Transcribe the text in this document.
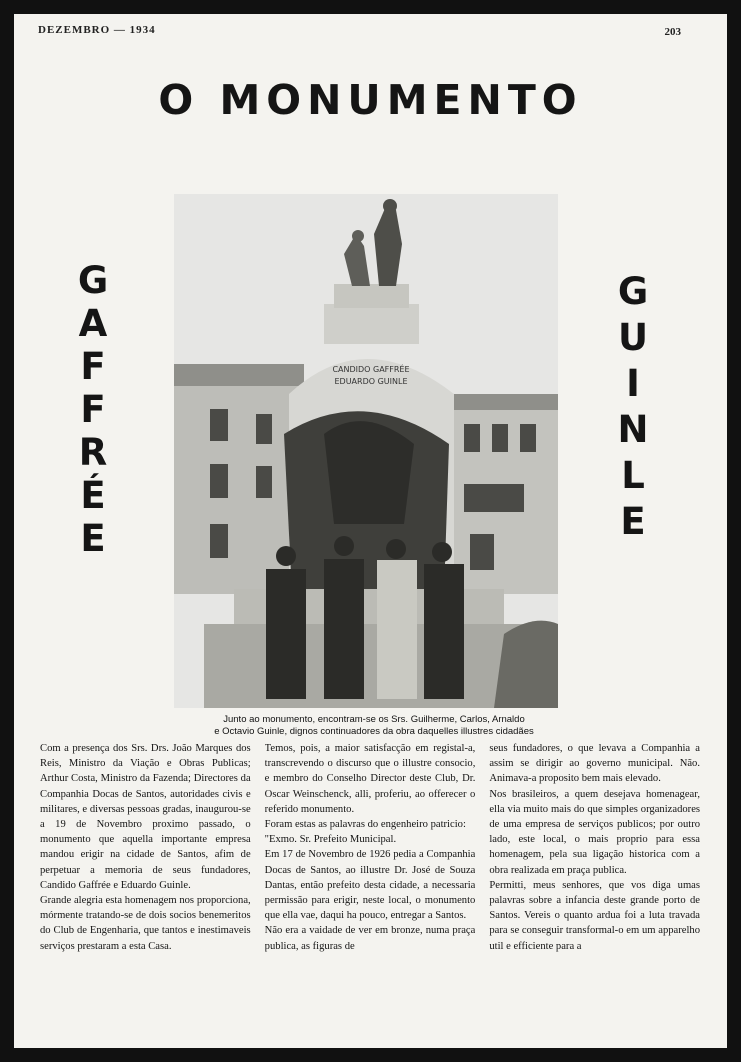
DEZEMBRO — 1934	203
O MONUMENTO
G
A
F
F
R
É
E
G
U
I
N
L
E
CANDIDO GAFFRÉE
EDUARDO GUINLE
Junto ao monumento, encontram-se os Srs. Guilherme, Carlos, Arnaldo
e Octavio Guinle, dignos continuadores da obra daquelles illustres cidadães
Com a presença dos Srs. Drs. João Marques dos Reis, Ministro da Viação e Obras Publicas; Arthur Costa, Ministro da Fazenda; Directores da Companhia Docas de Santos, autoridades civis e militares, e diversas pessoas gradas, inaugurou-se a 19 de Novembro proximo passado, o monumento que aquella importante empresa mandou erigir na cidade de Santos, afim de perpetuar a memoria de seus fundadores, Candido Gaffrée e Eduardo Guinle.
Grande alegria esta homenagem nos proporciona, mórmente tratando-se de dois socios benemeritos do Club de Engenharia, que tantos e inestimaveis serviços prestaram a esta Casa.
Temos, pois, a maior satisfacção em registal-a, transcrevendo o discurso que o illustre consocio, e membro do Conselho Director deste Club, Dr. Oscar Weinschenck, alli, proferiu, ao offerecer o referido monumento.
Foram estas as palavras do engenheiro patricio:
"Exmo. Sr. Prefeito Municipal.
Em 17 de Novembro de 1926 pedia a Companhia Docas de Santos, ao illustre Dr. José de Souza Dantas, então prefeito desta cidade, a necessaria permissão para erigir, neste local, o monumento que ella vae, daqui ha pouco, entregar a Santos.
Não era a vaidade de ver em bronze, numa praça publica, as figuras de
seus fundadores, o que levava a Companhia a assim se dirigir ao governo municipal. Não. Animava-a proposito bem mais elevado.
Nos brasileiros, a quem desejava homenagear, ella via muito mais do que simples organizadores de uma empresa de serviços publicos; por outro lado, este local, o mais proprio para essa homenagem, pela sua ligação historica com a obra realizada em praça publica.
Permitti, meus senhores, que vos diga umas palavras sobre a infancia deste grande porto de Santos. Vereis o quanto ardua foi a luta travada para se conseguir transformal-o em um apparelho util e efficiente para a
